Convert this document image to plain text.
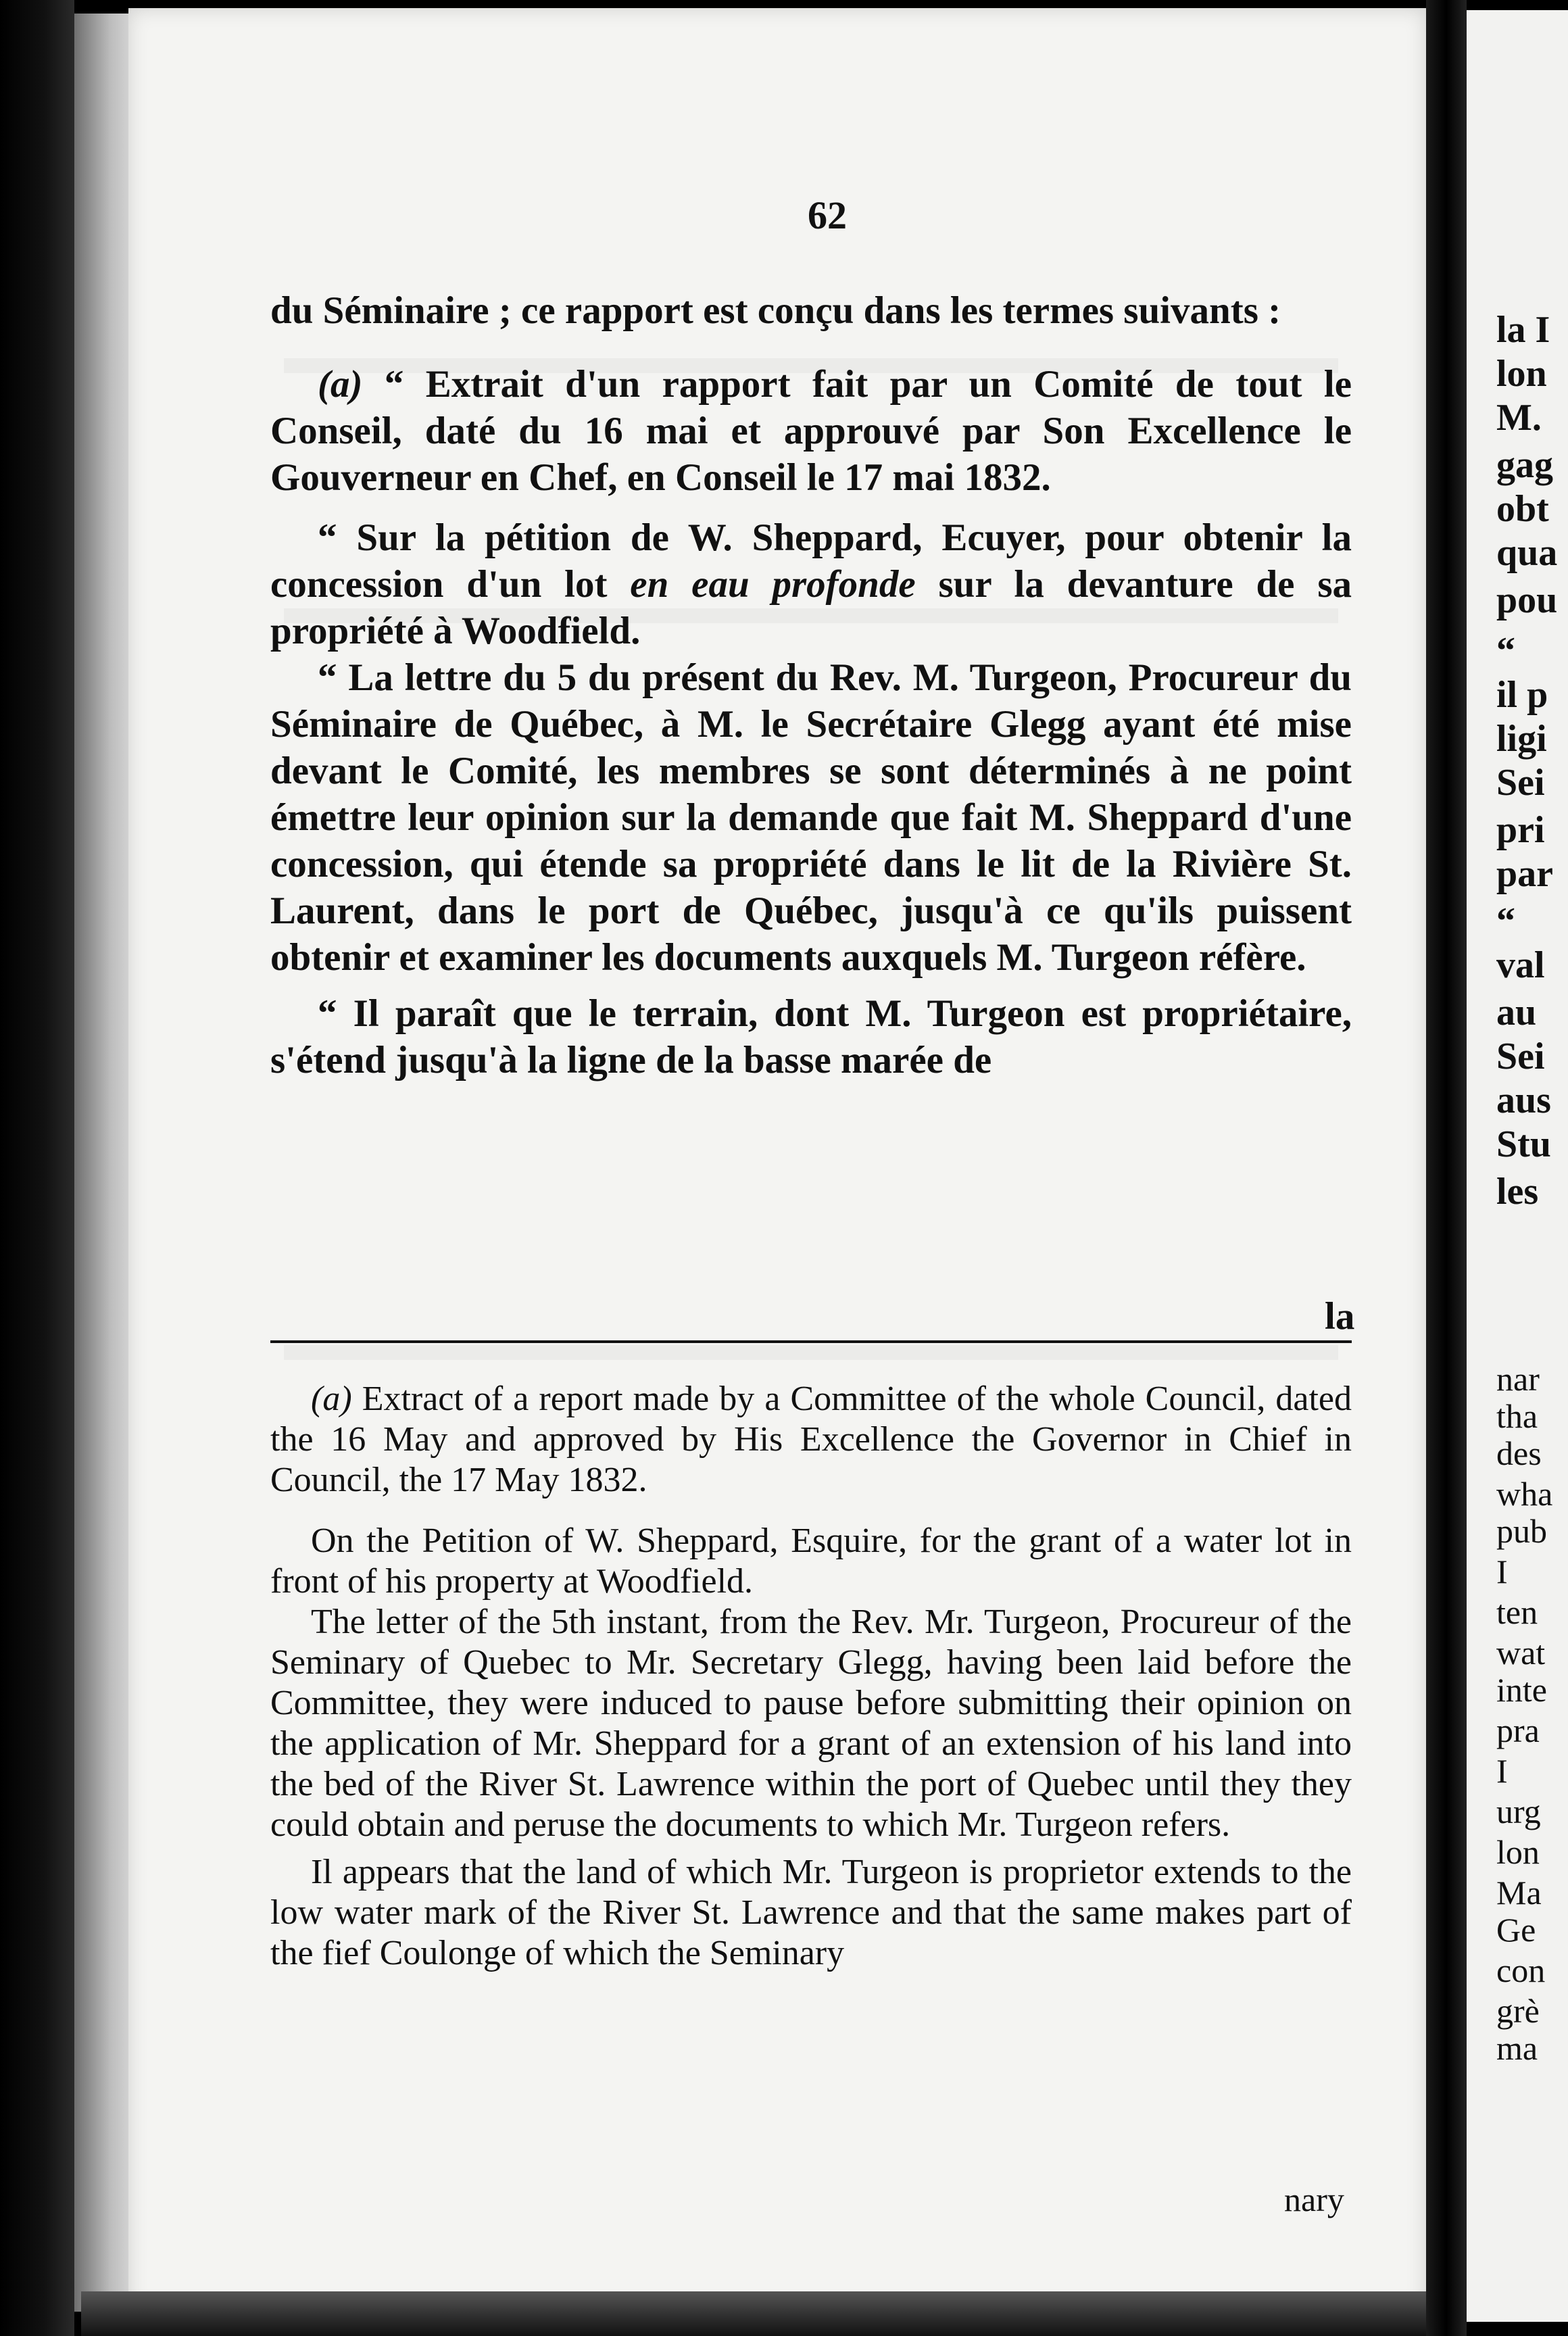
la I
lon
M.
gag
obt
qua
pou
“
il p
ligi
Sei
pri
par
“
val
au
Sei
aus
Stu
les
nar
tha
des
wha
pub
I
ten
wat
inte
pra
I
urg
lon
Ma
Ge
con
grè
ma
62

du Séminaire ; ce rapport est conçu dans les termes suivants :

(a) “ Extrait d'un rapport fait par un Comité de tout le Conseil, daté du 16 mai et approuvé par Son Excellence le Gouverneur en Chef, en Conseil le 17 mai 1832.

“ Sur la pétition de W. Sheppard, Ecuyer, pour obtenir la concession d'un lot en eau profonde sur la devanture de sa propriété à Woodfield.

“ La lettre du 5 du présent du Rev. M. Turgeon, Procureur du Séminaire de Québec, à M. le Secrétaire Glegg ayant été mise devant le Comité, les membres se sont déterminés à ne point émettre leur opinion sur la demande que fait M. Sheppard d'une concession, qui étende sa propriété dans le lit de la Rivière St. Laurent, dans le port de Québec, jusqu'à ce qu'ils puissent obtenir et examiner les documents auxquels M. Turgeon réfère.

“ Il paraît que le terrain, dont M. Turgeon est propriétaire, s'étend jusqu'à la ligne de la basse marée de

la

(a) Extract of a report made by a Committee of the whole Council, dated the 16 May and approved by His Excellence the Governor in Chief in Council, the 17 May 1832.

On the Petition of W. Sheppard, Esquire, for the grant of a water lot in front of his property at Woodfield.

The letter of the 5th instant, from the Rev. Mr. Turgeon, Procureur of the Seminary of Quebec to Mr. Secretary Glegg, having been laid before the Committee, they were induced to pause before submitting their opinion on the application of Mr. Sheppard for a grant of an extension of his land into the bed of the River St. Lawrence within the port of Quebec until they they could obtain and peruse the documents to which Mr. Turgeon refers.

Il appears that the land of which Mr. Turgeon is proprietor extends to the low water mark of the River St. Lawrence and that the same makes part of the fief Coulonge of which the Seminary

nary
